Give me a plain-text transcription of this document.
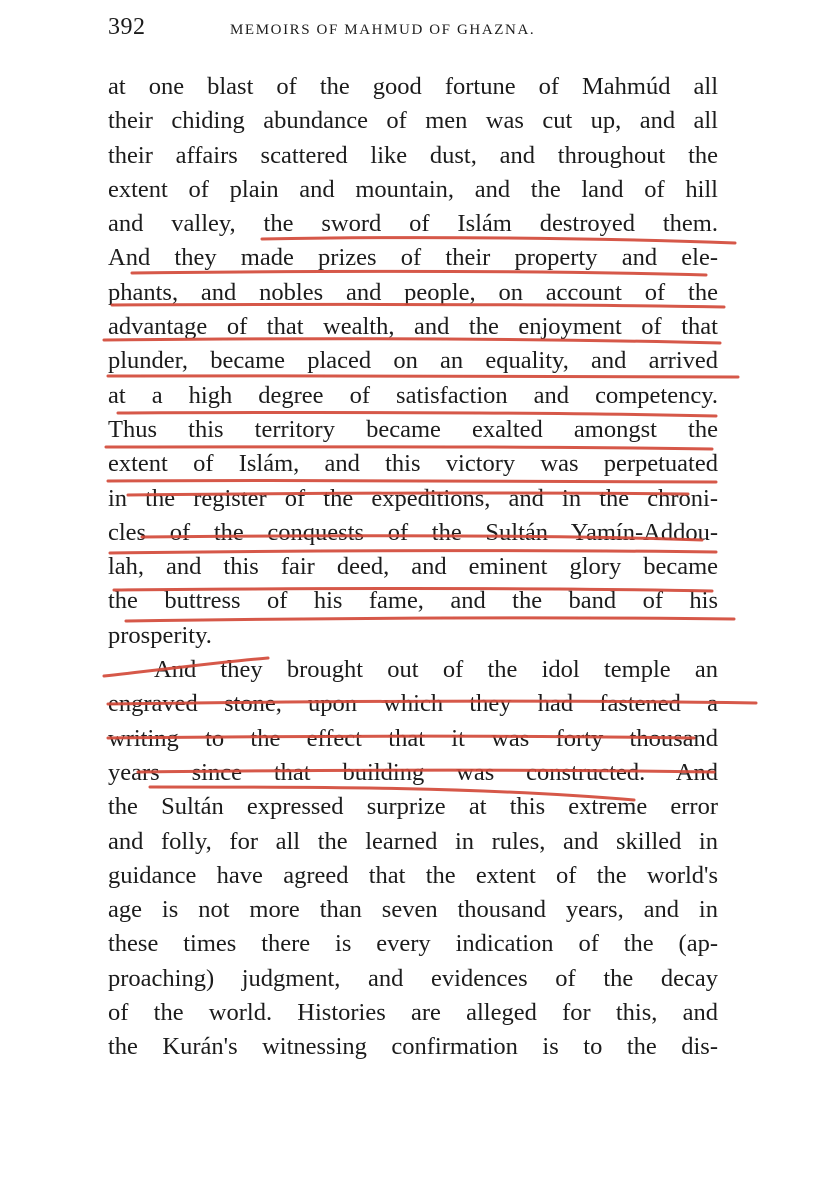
392	MEMOIRS OF MAHMUD OF GHAZNA.
at one blast of the good fortune of Mahmúd all
their chiding abundance of men was cut up, and all
their affairs scattered like dust, and throughout the
extent of plain and mountain, and the land of hill
and valley, the sword of Islám destroyed them.
And they made prizes of their property and ele-
phants, and nobles and people, on account of the
advantage of that wealth, and the enjoyment of that
plunder, became placed on an equality, and arrived
at a high degree of satisfaction and competency.
Thus this territory became exalted amongst the
extent of Islám, and this victory was perpetuated
in the register of the expeditions, and in the chroni-
cles of the conquests of the Sultán Yamín-Addou-
lah, and this fair deed, and eminent glory became
the buttress of his fame, and the band of his
prosperity.
And they brought out of the idol temple an
engraved stone, upon which they had fastened a
writing to the effect that it was forty thousand
years since that building was constructed. And
the Sultán expressed surprize at this extreme error
and folly, for all the learned in rules, and skilled in
guidance have agreed that the extent of the world's
age is not more than seven thousand years, and in
these times there is every indication of the (ap-
proaching) judgment, and evidences of the decay
of the world. Histories are alleged for this, and
the Kurán's witnessing confirmation is to the dis-
